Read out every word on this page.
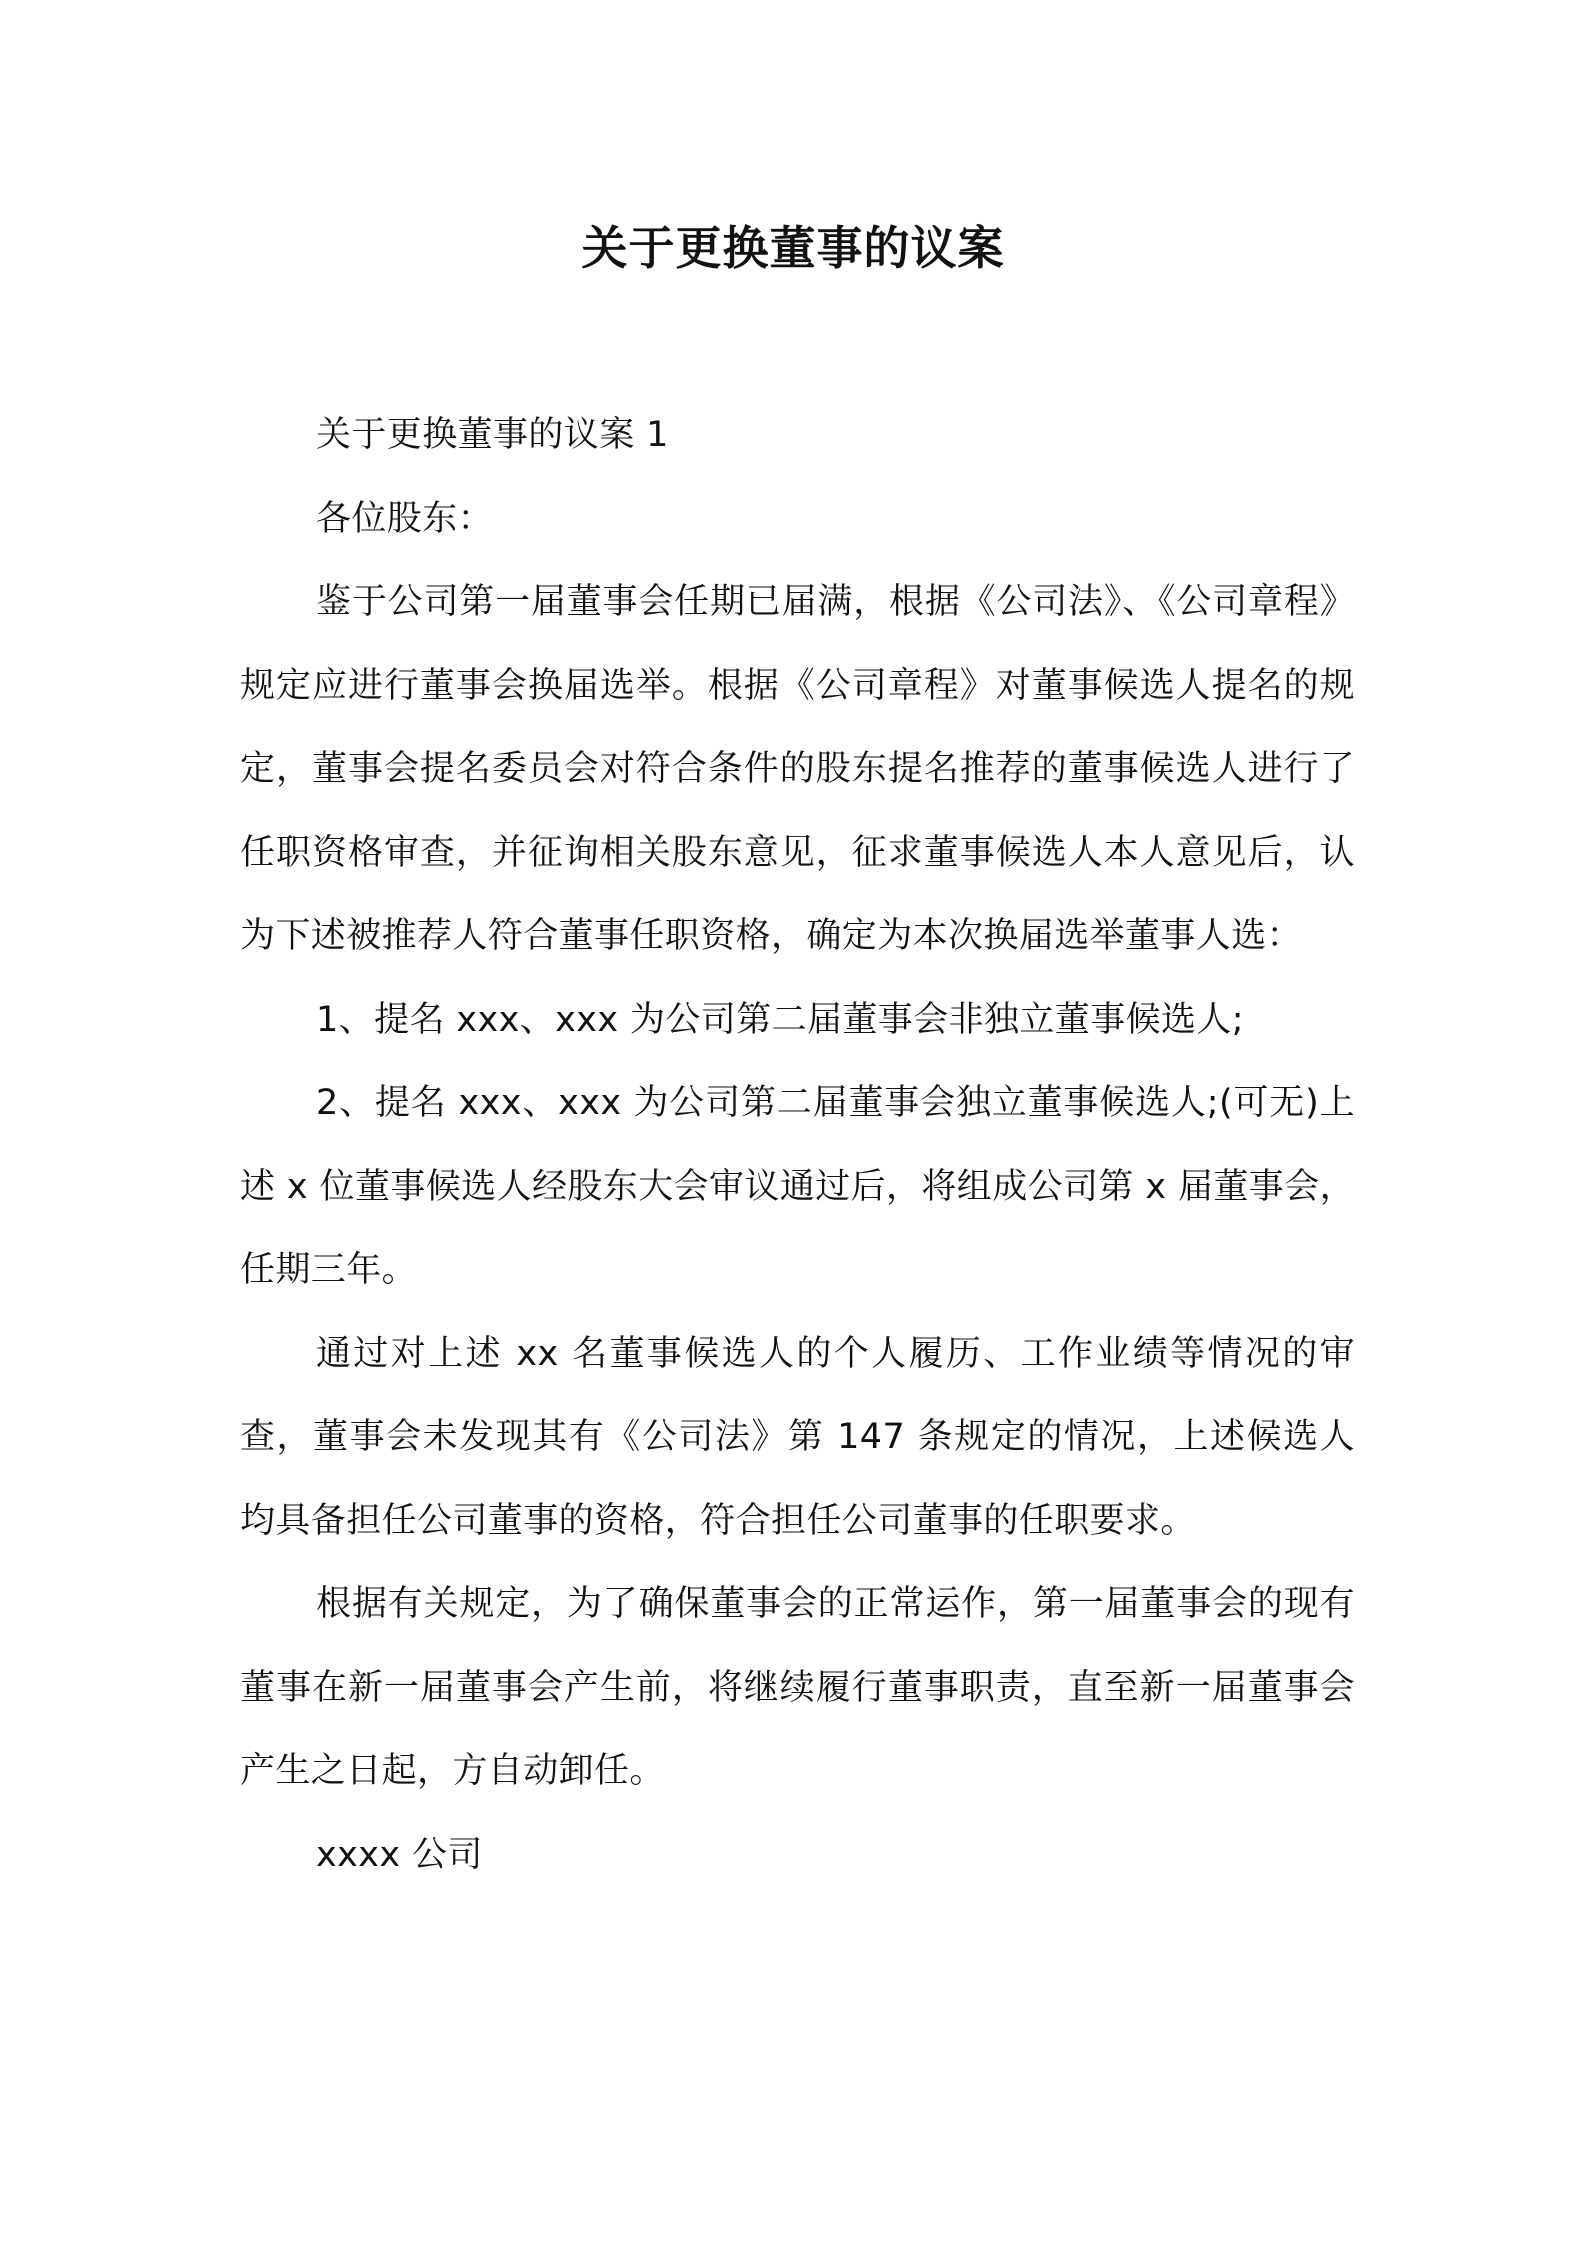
关于更换董事的议案

关于更换董事的议案 1

各位股东：

鉴于公司第一届董事会任期已届满，根据《公司法》、《公司章程》规定应进行董事会换届选举。根据《公司章程》对董事候选人提名的规定，董事会提名委员会对符合条件的股东提名推荐的董事候选人进行了任职资格审查，并征询相关股东意见，征求董事候选人本人意见后，认为下述被推荐人符合董事任职资格，确定为本次换届选举董事人选：

1、提名 xxx、xxx 为公司第二届董事会非独立董事候选人;

2、提名 xxx、xxx 为公司第二届董事会独立董事候选人;(可无)上述 x 位董事候选人经股东大会审议通过后，将组成公司第 x 届董事会，任期三年。

通过对上述 xx 名董事候选人的个人履历、工作业绩等情况的审查，董事会未发现其有《公司法》第 147 条规定的情况，上述候选人均具备担任公司董事的资格，符合担任公司董事的任职要求。

根据有关规定，为了确保董事会的正常运作，第一届董事会的现有董事在新一届董事会产生前，将继续履行董事职责，直至新一届董事会产生之日起，方自动卸任。

xxxx 公司
